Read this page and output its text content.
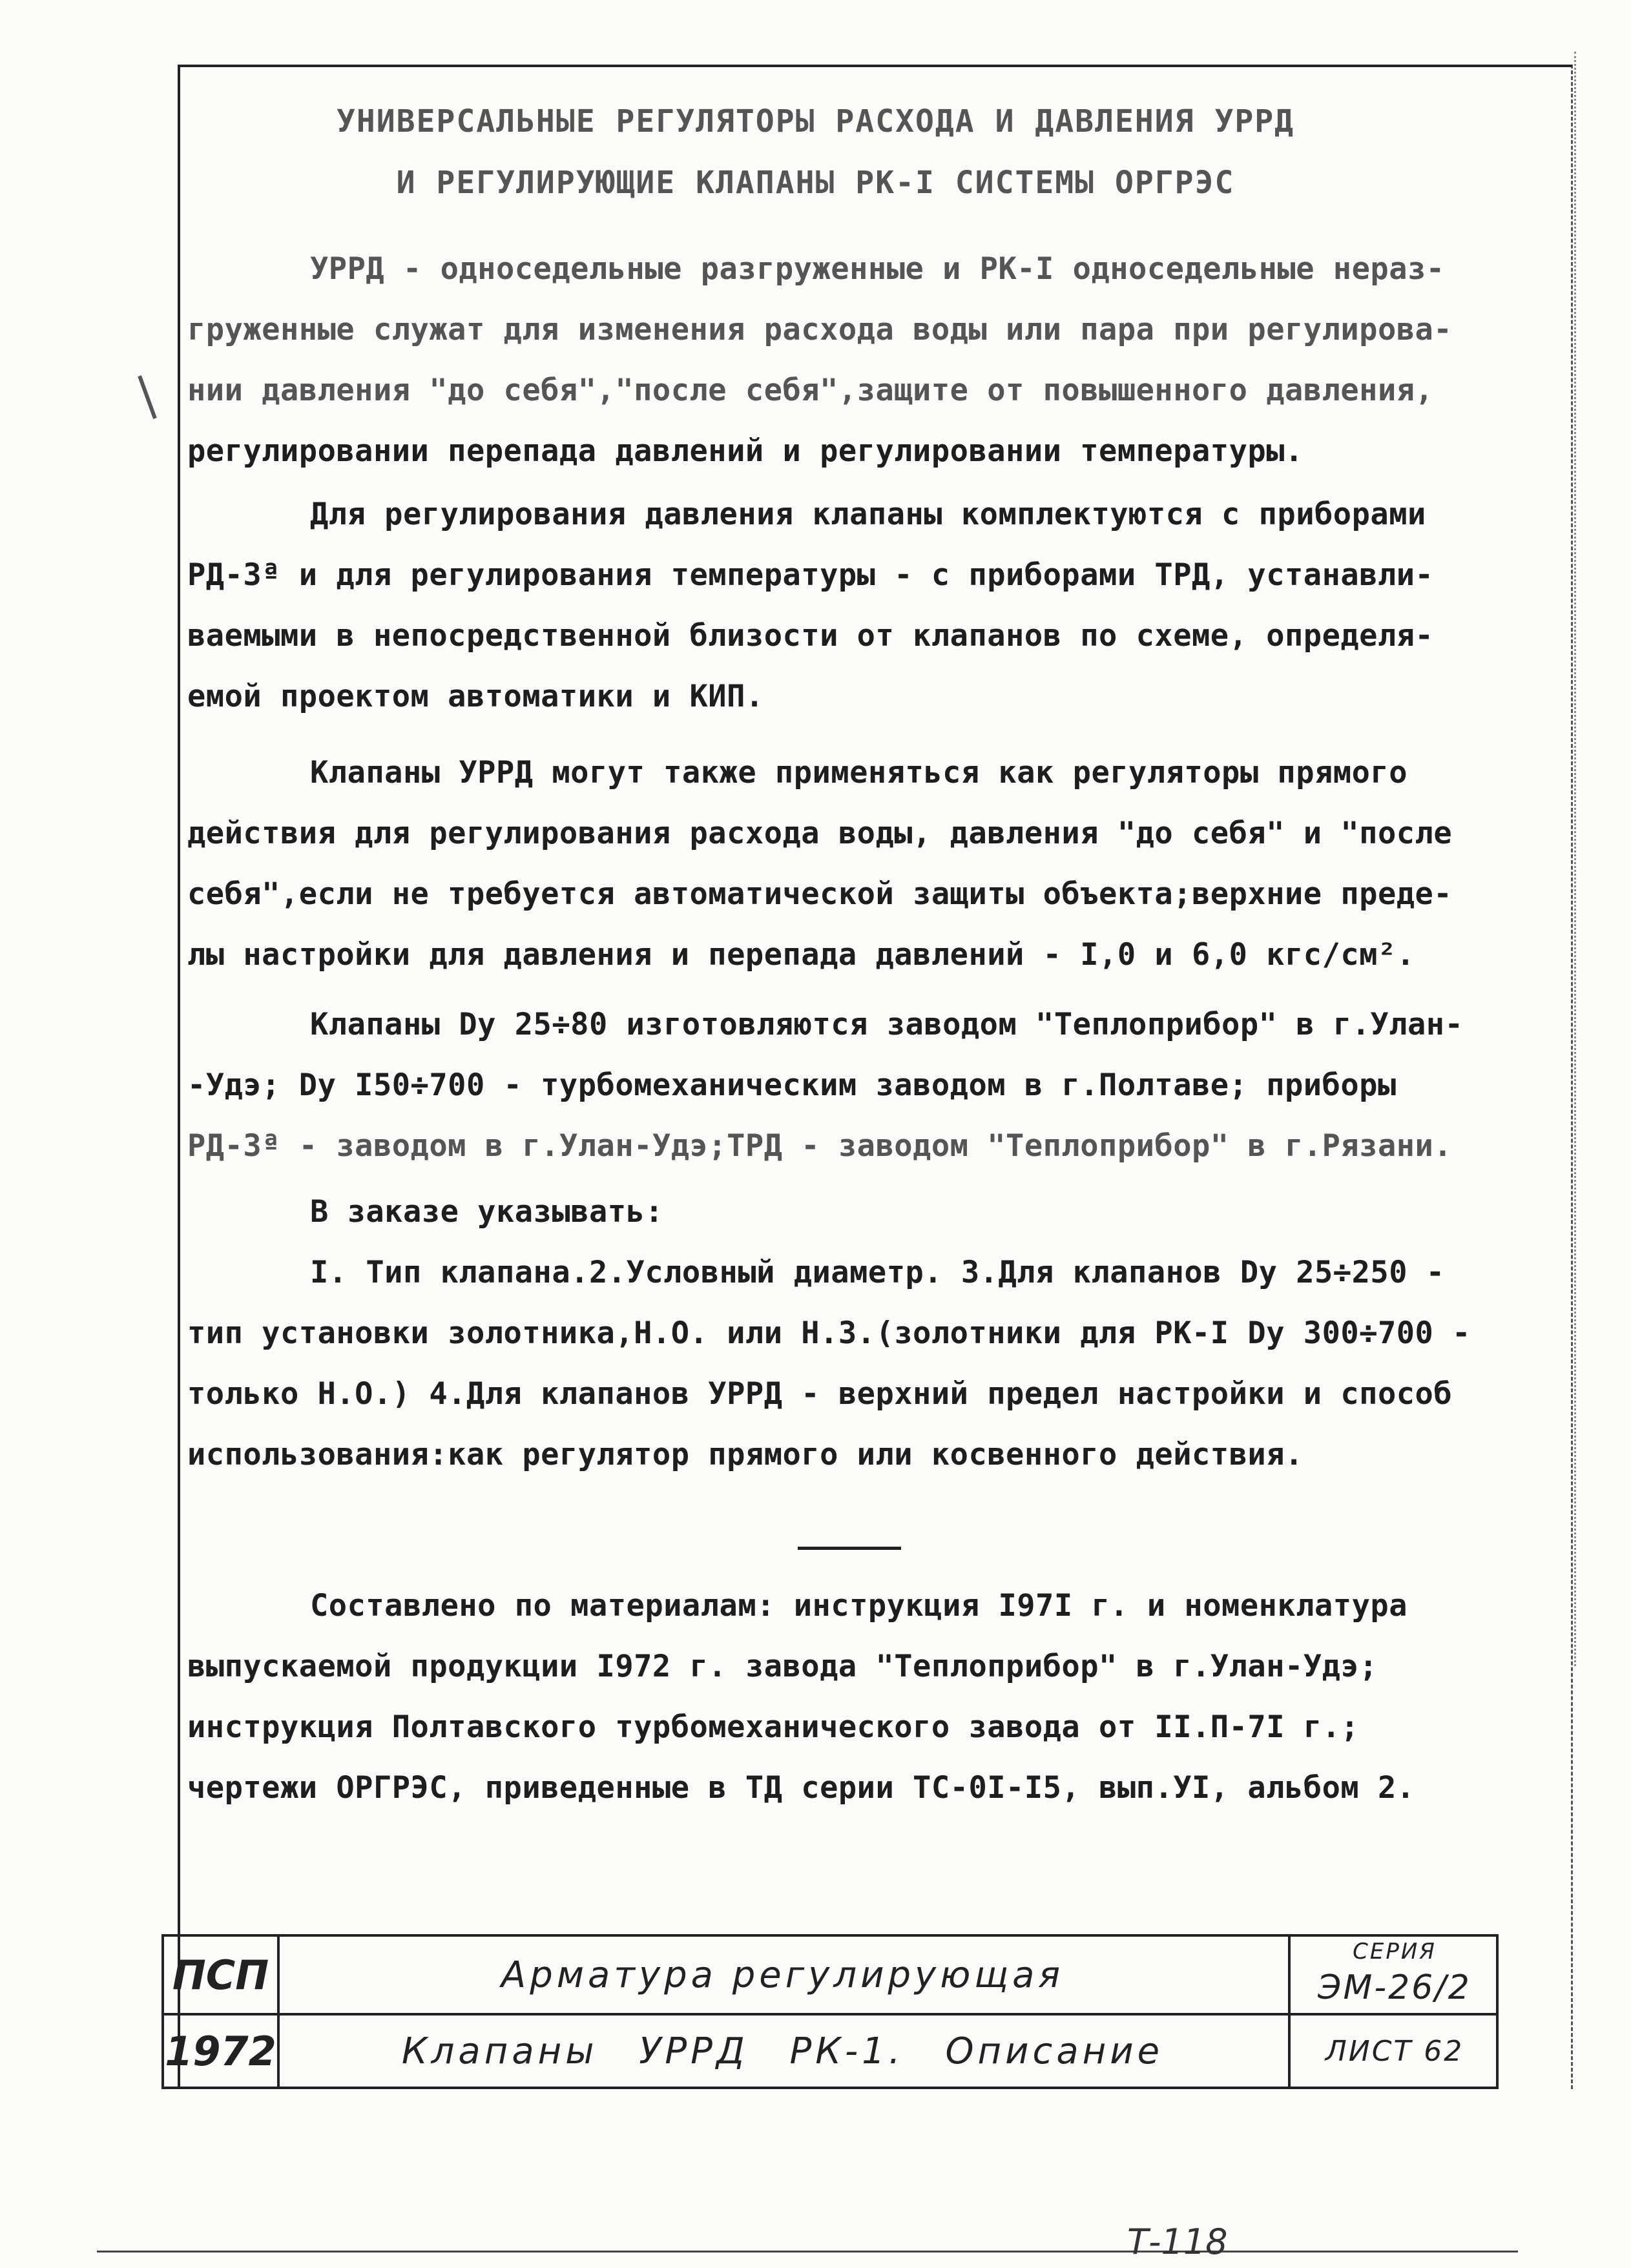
УНИВЕРСАЛЬНЫЕ РЕГУЛЯТОРЫ РАСХОДА И ДАВЛЕНИЯ УРРД
И РЕГУЛИРУЮЩИЕ КЛАПАНЫ РК-I СИСТЕМЫ ОРГРЭС
УРРД - односедельные разгруженные и РК-I односедельные нераз-
груженные служат для изменения расхода воды или пара при регулирова-
нии давления "до себя","после себя",защите от повышенного давления,
регулировании перепада давлений и регулировании температуры.
Для регулирования давления клапаны комплектуются с приборами
РД-3ª и для регулирования температуры - с приборами ТРД, устанавли-
ваемыми в непосредственной близости от клапанов по схеме, определя-
емой проектом автоматики и КИП.
Клапаны УРРД могут также применяться как регуляторы прямого
действия для регулирования расхода воды, давления "до себя" и "после
себя",если не требуется автоматической защиты объекта;верхние преде-
лы настройки для давления и перепада давлений - I,0 и 6,0 кгс/см².
Клапаны Dу 25÷80 изготовляются заводом "Теплоприбор" в г.Улан-
-Удэ; Dу I50÷700 - турбомеханическим заводом в г.Полтаве; приборы
РД-3ª - заводом в г.Улан-Удэ;ТРД - заводом "Теплоприбор" в г.Рязани.
В заказе указывать:
I. Тип клапана.2.Условный диаметр. 3.Для клапанов Dу 25÷250 -
тип установки золотника,Н.О. или Н.З.(золотники для РК-I Dу 300÷700 -
только Н.О.) 4.Для клапанов УРРД - верхний предел настройки и способ
использования:как регулятор прямого или косвенного действия.
Составлено по материалам: инструкция I97I г. и номенклатура
выпускаемой продукции I972 г. завода "Теплоприбор" в г.Улан-Удэ;
инструкция Полтавского турбомеханического завода от II.П-7I г.;
чертежи ОРГРЭС, приведенные в ТД серии ТС-0I-I5, вып.УI, альбом 2.
ПСП
1972
Арматура регулирующая
Клапаны УРРД РК-1. Описание
СЕРИЯ
ЭМ-26/2
ЛИСТ 62
Т-118
